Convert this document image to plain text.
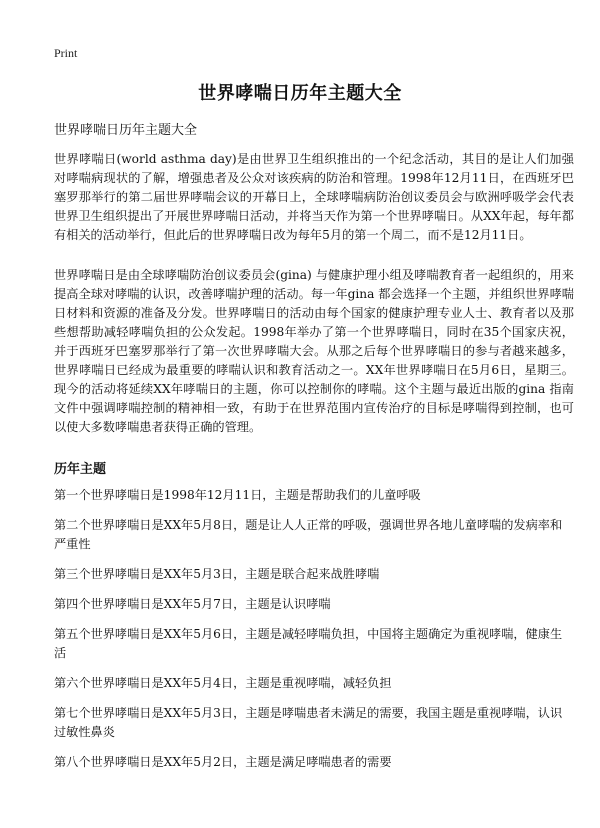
Print
世界哮喘日历年主题大全
世界哮喘日历年主题大全

世界哮喘日(world asthma day)是由世界卫生组织推出的一个纪念活动，其目的是让人们加强对哮喘病现状的了解，增强患者及公众对该疾病的防治和管理。1998年12月11日，在西班牙巴塞罗那举行的第二届世界哮喘会议的开幕日上，全球哮喘病防治创议委员会与欧洲呼吸学会代表世界卫生组织提出了开展世界哮喘日活动，并将当天作为第一个世界哮喘日。从XX年起，每年都有相关的活动举行，但此后的世界哮喘日改为每年5月的第一个周二，而不是12月11日。

世界哮喘日是由全球哮喘防治创议委员会(gina) 与健康护理小组及哮喘教育者一起组织的，用来提高全球对哮喘的认识，改善哮喘护理的活动。每一年gina 都会选择一个主题，并组织世界哮喘日材料和资源的准备及分发。世界哮喘日的活动由每个国家的健康护理专业人士、教育者以及那些想帮助减轻哮喘负担的公众发起。1998年举办了第一个世界哮喘日，同时在35个国家庆祝，并于西班牙巴塞罗那举行了第一次世界哮喘大会。从那之后每个世界哮喘日的参与者越来越多，世界哮喘日已经成为最重要的哮喘认识和教育活动之一。XX年世界哮喘日在5月6日，星期三。现今的活动将延续XX年哮喘日的主题，你可以控制你的哮喘。这个主题与最近出版的gina 指南文件中强调哮喘控制的精神相一致，有助于在世界范围内宣传治疗的目标是哮喘得到控制，也可以使大多数哮喘患者获得正确的管理。

历年主题
第一个世界哮喘日是1998年12月11日，主题是帮助我们的儿童呼吸
第二个世界哮喘日是XX年5月8日，题是让人人正常的呼吸，强调世界各地儿童哮喘的发病率和严重性
第三个世界哮喘日是XX年5月3日，主题是联合起来战胜哮喘
第四个世界哮喘日是XX年5月7日，主题是认识哮喘
第五个世界哮喘日是XX年5月6日，主题是减轻哮喘负担，中国将主题确定为重视哮喘，健康生活
第六个世界哮喘日是XX年5月4日，主题是重视哮喘，减轻负担
第七个世界哮喘日是XX年5月3日，主题是哮喘患者未满足的需要，我国主题是重视哮喘，认识过敏性鼻炎
第八个世界哮喘日是XX年5月2日，主题是满足哮喘患者的需要
